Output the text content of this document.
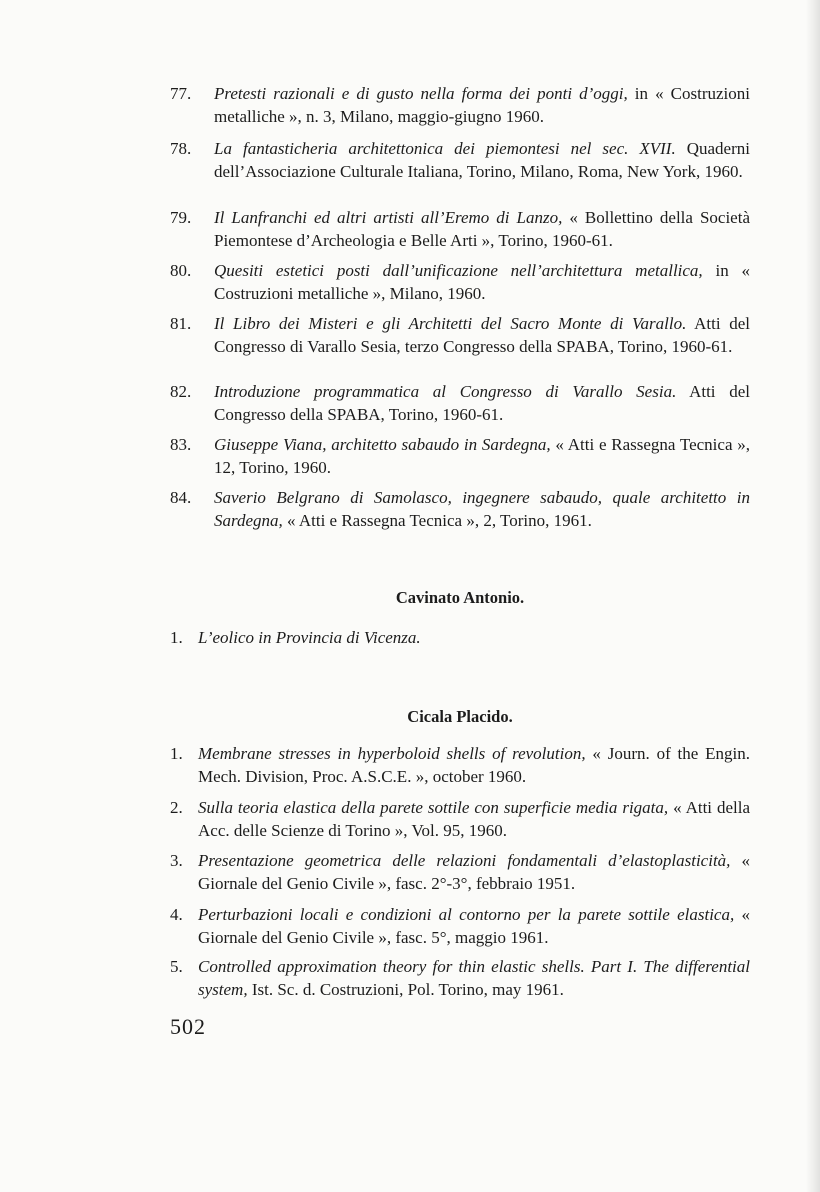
77. Pretesti razionali e di gusto nella forma dei ponti d’oggi, in « Costruzioni metalliche », n. 3, Milano, maggio-giugno 1960.
78. La fantasticheria architettonica dei piemontesi nel sec. XVII. Quaderni dell’Associazione Culturale Italiana, Torino, Milano, Roma, New York, 1960.
79. Il Lanfranchi ed altri artisti all’Eremo di Lanzo, « Bollettino della Società Piemontese d’Archeologia e Belle Arti », Torino, 1960-61.
80. Quesiti estetici posti dall’unificazione nell’architettura metallica, in « Costruzioni metalliche », Milano, 1960.
81. Il Libro dei Misteri e gli Architetti del Sacro Monte di Varallo. Atti del Congresso di Varallo Sesia, terzo Congresso della SPABA, Torino, 1960-61.
82. Introduzione programmatica al Congresso di Varallo Sesia. Atti del Congresso della SPABA, Torino, 1960-61.
83. Giuseppe Viana, architetto sabaudo in Sardegna, « Atti e Rassegna Tecnica », 12, Torino, 1960.
84. Saverio Belgrano di Samolasco, ingegnere sabaudo, quale architetto in Sardegna, « Atti e Rassegna Tecnica », 2, Torino, 1961.
Cavinato Antonio.
1. L’eolico in Provincia di Vicenza.
Cicala Placido.
1. Membrane stresses in hyperboloid shells of revolution, « Journ. of the Engin. Mech. Division, Proc. A.S.C.E. », october 1960.
2. Sulla teoria elastica della parete sottile con superficie media rigata, « Atti della Acc. delle Scienze di Torino », Vol. 95, 1960.
3. Presentazione geometrica delle relazioni fondamentali d’elastoplasticità, « Giornale del Genio Civile », fasc. 2°-3°, febbraio 1951.
4. Perturbazioni locali e condizioni al contorno per la parete sottile elastica, « Giornale del Genio Civile », fasc. 5°, maggio 1961.
5. Controlled approximation theory for thin elastic shells. Part I. The differential system, Ist. Sc. d. Costruzioni, Pol. Torino, may 1961.
502
